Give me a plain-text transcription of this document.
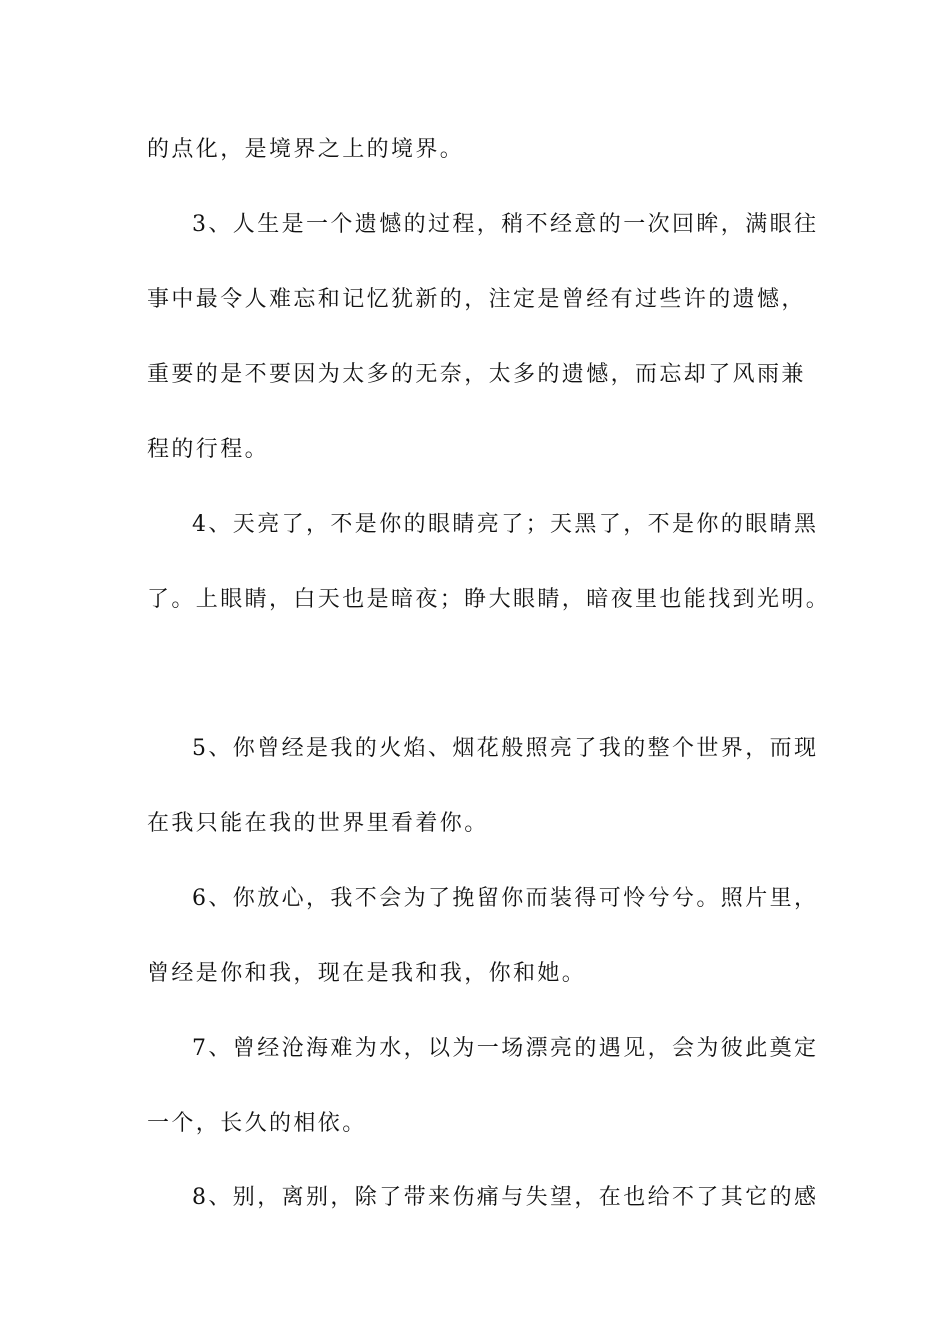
的点化，是境界之上的境界。
3、人生是一个遗憾的过程，稍不经意的一次回眸，满眼往
事中最令人难忘和记忆犹新的，注定是曾经有过些许的遗憾，
重要的是不要因为太多的无奈，太多的遗憾，而忘却了风雨兼
程的行程。
4、天亮了，不是你的眼睛亮了；天黑了，不是你的眼睛黑
了。上眼睛，白天也是暗夜；睁大眼睛，暗夜里也能找到光明。
5、你曾经是我的火焰、烟花般照亮了我的整个世界，而现
在我只能在我的世界里看着你。
6、你放心，我不会为了挽留你而装得可怜兮兮。照片里，
曾经是你和我，现在是我和我，你和她。
7、曾经沧海难为水，以为一场漂亮的遇见，会为彼此奠定
一个，长久的相依。
8、别，离别，除了带来伤痛与失望，在也给不了其它的感
